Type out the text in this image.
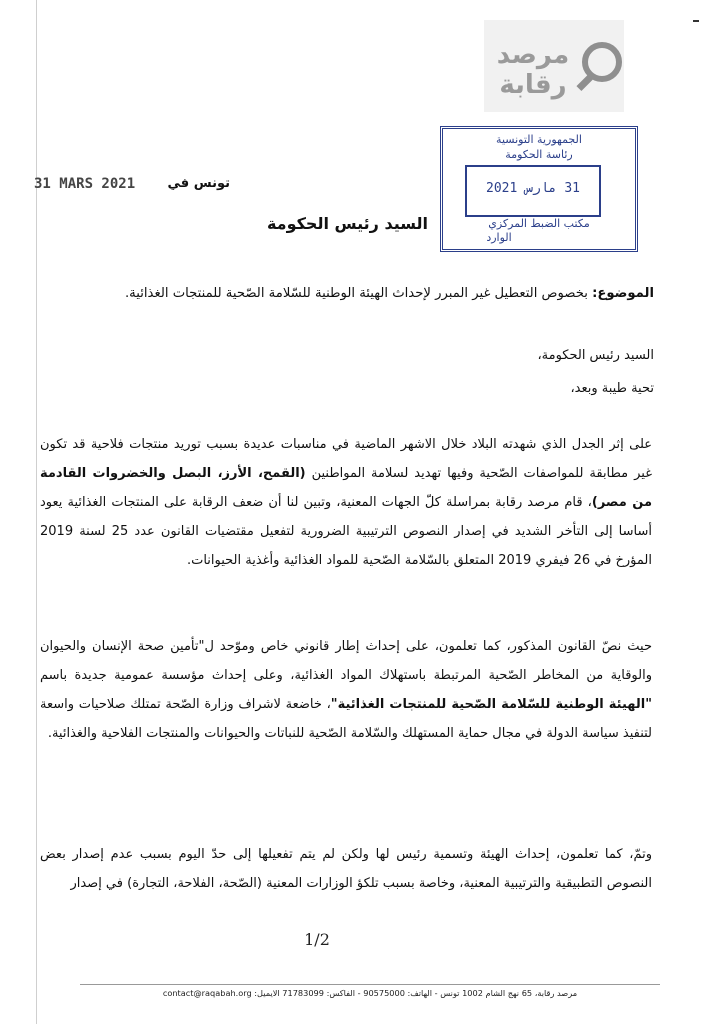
مرصد
رقابة
الجمهورية التونسية
رئاسة الحكومة
31 مارس 2021
مكتب الضبط المركزي
الوارد
31 MARS 2021	تونس في
السيد رئيس الحكومة
الموضوع: بخصوص التعطيل غير المبرر لإحداث الهيئة الوطنية للسّلامة الصّحية للمنتجات الغذائية.
السيد رئيس الحكومة،
تحية طيبة وبعد،
على إثر الجدل الذي شهدته البلاد خلال الاشهر الماضية في مناسبات عديدة بسبب توريد منتجات فلاحية قد تكون غير مطابقة للمواصفات الصّحية وفيها تهديد لسلامة المواطنين (القمح، الأرز، البصل والخضروات القادمة من مصر)، قام مرصد رقابة بمراسلة كلّ الجهات المعنية، وتبين لنا أن ضعف الرقابة على المنتجات الغذائية يعود أساسا إلى التأخر الشديد في إصدار النصوص الترتيبية الضرورية لتفعيل مقتضيات القانون عدد 25 لسنة 2019 المؤرخ في 26 فيفري 2019 المتعلق بالسّلامة الصّحية للمواد الغذائية وأغذية الحيوانات.
حيث نصّ القانون المذكور، كما تعلمون، على إحداث إطار قانوني خاص وموّحد ل"تأمين صحة الإنسان والحيوان والوقاية من المخاطر الصّحية المرتبطة باستهلاك المواد الغذائية، وعلى إحداث مؤسسة عمومية جديدة باسم "الهيئة الوطنية للسّلامة الصّحية للمنتجات الغذائية"، خاضعة لاشراف وزارة الصّحة تمتلك صلاحيات واسعة لتنفيذ سياسة الدولة في مجال حماية المستهلك والسّلامة الصّحية للنباتات والحيوانات والمنتجات الفلاحية والغذائية.
وتمّ، كما تعلمون، إحداث الهيئة وتسمية رئيس لها ولكن لم يتم تفعيلها إلى حدّ اليوم بسبب عدم إصدار بعض النصوص التطبيقية والترتيبية المعنية، وخاصة بسبب تلكؤ الوزارات المعنية (الصّحة، الفلاحة، التجارة) في إصدار
1/2
مرصد رقابة، 65 نهج الشام 1002 تونس - الهاتف: 90575000 - الفاكس: 71783099 الايميل: contact@raqabah.org
